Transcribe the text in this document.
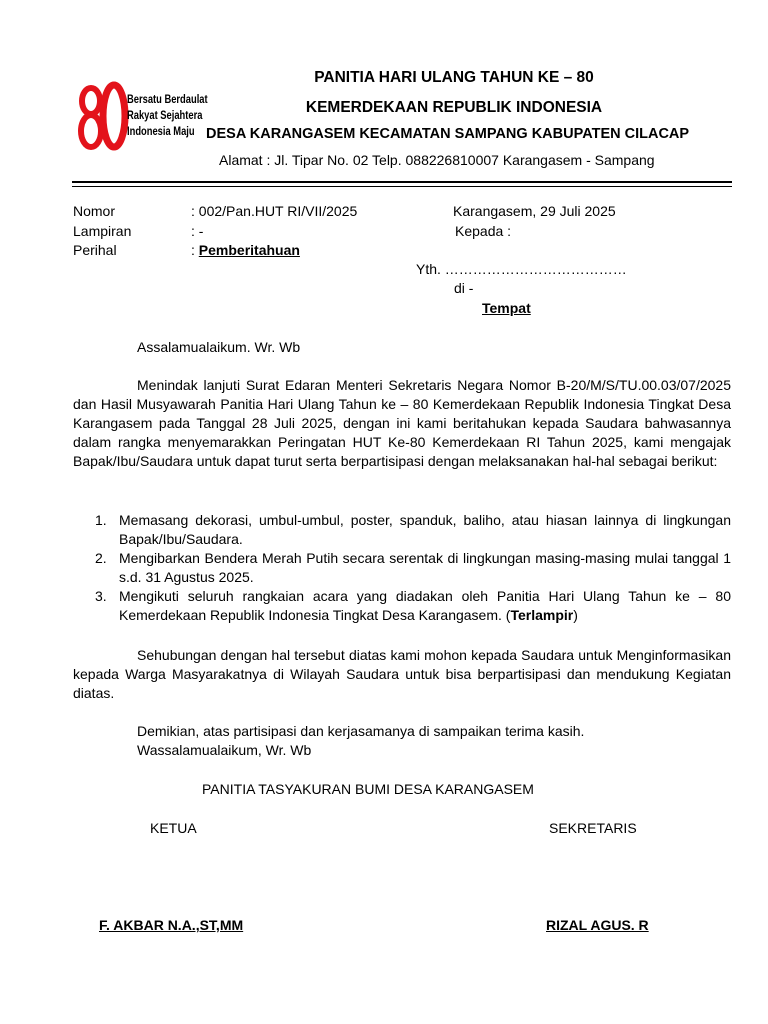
Bersatu Berdaulat
Rakyat Sejahtera
Indonesia Maju
PANITIA HARI ULANG TAHUN KE – 80
KEMERDEKAAN REPUBLIK INDONESIA
DESA KARANGASEM KECAMATAN SAMPANG KABUPATEN CILACAP
Alamat : Jl. Tipar No. 02 Telp. 088226810007 Karangasem - Sampang
Nomor	: 002/Pan.HUT RI/VII/2025
Lampiran	: -
Perihal	: Pemberitahuan
Karangasem, 29 Juli 2025
Kepada :
Yth. …………………………………
di -
Tempat
Assalamualaikum. Wr. Wb
Menindak lanjuti Surat Edaran Menteri Sekretaris Negara Nomor B-20/M/S/TU.00.03/07/2025 dan Hasil Musyawarah Panitia Hari Ulang Tahun ke – 80 Kemerdekaan Republik Indonesia Tingkat Desa Karangasem pada Tanggal 28 Juli 2025, dengan ini kami beritahukan kepada Saudara bahwasannya dalam rangka menyemarakkan Peringatan HUT Ke-80 Kemerdekaan RI Tahun 2025, kami mengajak Bapak/Ibu/Saudara untuk dapat turut serta berpartisipasi dengan melaksanakan hal-hal sebagai berikut:
1. Memasang dekorasi, umbul-umbul, poster, spanduk, baliho, atau hiasan lainnya di lingkungan Bapak/Ibu/Saudara.
2. Mengibarkan Bendera Merah Putih secara serentak di lingkungan masing-masing mulai tanggal 1 s.d. 31 Agustus 2025.
3. Mengikuti seluruh rangkaian acara yang diadakan oleh Panitia Hari Ulang Tahun ke – 80 Kemerdekaan Republik Indonesia Tingkat Desa Karangasem. (Terlampir)
Sehubungan dengan hal tersebut diatas kami mohon kepada Saudara untuk Menginformasikan kepada Warga Masyarakatnya di Wilayah Saudara untuk bisa berpartisipasi dan mendukung Kegiatan diatas.
Demikian, atas partisipasi dan kerjasamanya di sampaikan terima kasih.
Wassalamualaikum, Wr. Wb
PANITIA TASYAKURAN BUMI DESA KARANGASEM
KETUA	SEKRETARIS
F. AKBAR N.A.,ST,MM	RIZAL AGUS. R
